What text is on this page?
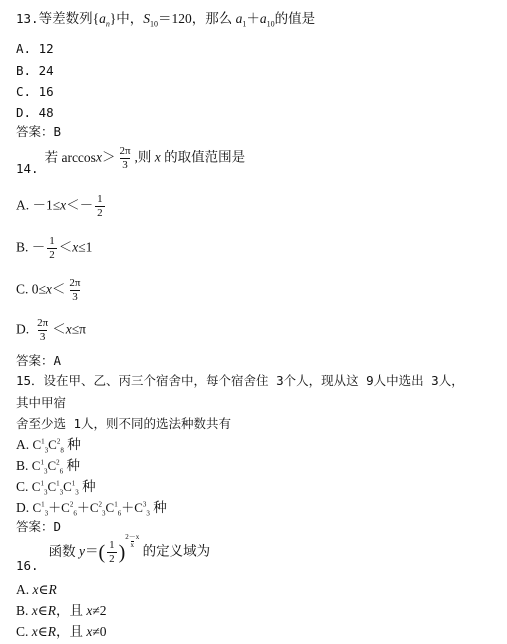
13.等差数列$\{a_n\}$中，$S_{10}=120$，那么 $a_1+a_{10}$的值是
A. 12
B. 24
C. 16
D. 48
答案：B
14.若 $\arccos x> \frac{2\pi}{3}$ ,则 x 的取值范围是
A. $-1\le x<- \frac{1}{2}$
B. － $\frac{1}{2} <x\le 1$
C. $0\le x< \frac{2\pi}{3}$
D. $\frac{2\pi}{3} <x\le\pi$
答案：A
15．设在甲、乙、丙三个宿舍中，每个宿舍住 3个人，现从这 9人中选出 3人，
其中甲宿
舍至少选 1人，则不同的选法种数共有
A. $C^1_3C^2_8$ 种
B. $C^1_3C^2_6$ 种
C. $C^1_3C^1_3C^1_3$ 种
D. $C^1_3+C^2_6+C^2_3C^1_6+C^3_3$ 种
答案：D
16.函数 $y=( \frac{1}{2}$ ) $\frac{2-x}{x}$
的定义域为
A. x∈R
B. x∈R，且 x≠2
C. x∈R，且 x≠0
